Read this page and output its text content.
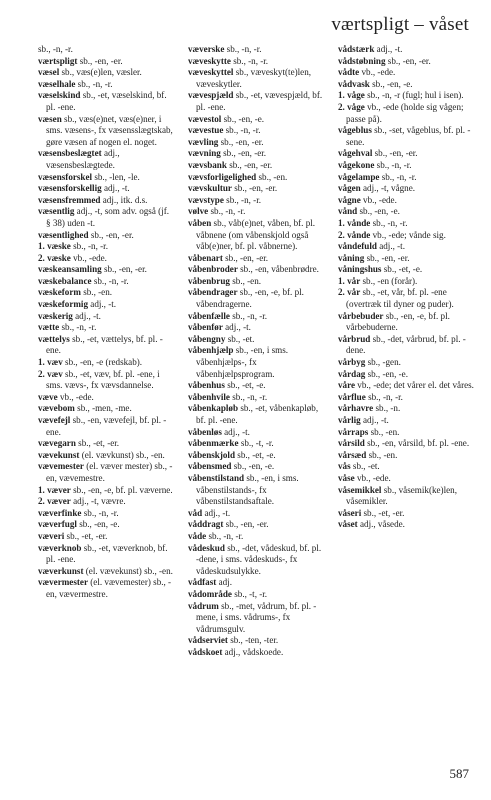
værtspligt – våset

sb., -n, -r.

værtspligt sb., -en, -er.

væsel sb., væs(e)len, væsler.

væselhale sb., -n, -r.

væselskind sb., -et, væselskind, bf. pl. -ene.

væsen sb., væs(e)net, væs(e)ner, i sms. væsens-, fx væsensslægtskab, gøre væsen af nogen el. noget.

væsensbeslægtet adj., væsensbeslægtede.

væsensforskel sb., -len, -le.

væsensforskellig adj., -t.

væsensfremmed adj., itk. d.s.

væsentlig adj., -t, som adv. også (jf. § 38) uden -t.

væsentlighed sb., -en, -er.

1. væske sb., -n, -r.

2. væske vb., -ede.

væskeansamling sb., -en, -er.

væskebalance sb., -n, -r.

væskeform sb., -en.

væskeformig adj., -t.

væskerig adj., -t.

vætte sb., -n, -r.

vættelys sb., -et, vættelys, bf. pl. -ene.

1. væv sb., -en, -e (redskab).

2. væv sb., -et, væv, bf. pl. -ene, i sms. vævs-, fx vævsdannelse.

væve vb., -ede.

vævebom sb., -men, -me.

vævefejl sb., -en, vævefejl, bf. pl. -ene.

vævegarn sb., -et, -er.

vævekunst (el. vævkunst) sb., -en.

vævemester (el. væver mester) sb., -en, vævemestre.

1. væver sb., -en, -e, bf. pl. væverne.

2. væver adj., -t, vævre.

væverfinke sb., -n, -r.

væverfugl sb., -en, -e.

væveri sb., -et, -er.

væverknob sb., -et, væverknob, bf. pl. -ene.

væverkunst (el. vævekunst) sb., -en.

vævermester (el. vævemester) sb., -en, vævermestre.

væverske sb., -n, -r.

væveskytte sb., -n, -r.

væveskyttel sb., væveskyt(te)len, væveskytler.

vævespjæld sb., -et, vævespjæld, bf. pl. -ene.

vævestol sb., -en, -e.

vævestue sb., -n, -r.

vævling sb., -en, -er.

vævning sb., -en, -er.

vævsbank sb., -en, -er.

vævsforligelighed sb., -en.

vævskultur sb., -en, -er.

vævstype sb., -n, -r.

vølve sb., -n, -r.

våben sb., våb(e)net, våben, bf. pl. våbnene (om våbenskjold også våb(e)ner, bf. pl. våbnerne).

våbenart sb., -en, -er.

våbenbroder sb., -en, våbenbrødre.

våbenbrug sb., -en.

våbendrager sb., -en, -e, bf. pl. våbendragerne.

våbenfælle sb., -n, -r.

våbenfør adj., -t.

våbengny sb., -et.

våbenhjælp sb., -en, i sms. våbenhjælps-, fx våbenhjælpsprogram.

våbenhus sb., -et, -e.

våbenhvile sb., -n, -r.

våbenkapløb sb., -et, våbenkapløb, bf. pl. -ene.

våbenløs adj., -t.

våbenmærke sb., -t, -r.

våbenskjold sb., -et, -e.

våbensmed sb., -en, -e.

våbenstilstand sb., -en, i sms. våbenstilstands-, fx våbenstilstandsaftale.

våd adj., -t.

våddragt sb., -en, -er.

våde sb., -n, -r.

vådeskud sb., -det, vådeskud, bf. pl. -dene, i sms. vådeskuds-, fx vådeskudsulykke.

vådfast adj.

vådområde sb., -t, -r.

vådrum sb., -met, vådrum, bf. pl. -mene, i sms. vådrums-, fx vådrumsgulv.

vådserviet sb., -ten, -ter.

vådskoet adj., vådskoede.

vådstærk adj., -t.

vådstøbning sb., -en, -er.

vådte vb., -ede.

vådvask sb., -en, -e.

1. våge sb., -n, -r (fugl; hul i isen).

2. våge vb., -ede (holde sig vågen; passe på).

vågeblus sb., -set, vågeblus, bf. pl. -sene.

vågehval sb., -en, -er.

vågekone sb., -n, -r.

vågelampe sb., -n, -r.

vågen adj., -t, vågne.

vågne vb., -ede.

vånd sb., -en, -e.

1. vånde sb., -n, -r.

2. vånde vb., -ede; vånde sig.

våndefuld adj., -t.

våning sb., -en, -er.

våningshus sb., -et, -e.

1. vår sb., -en (forår).

2. vår sb., -et, vår, bf. pl. -ene (overtræk til dyner og puder).

vårbebuder sb., -en, -e, bf. pl. vårbebuderne.

vårbrud sb., -det, vårbrud, bf. pl. -dene.

vårbyg sb., -gen.

vårdag sb., -en, -e.

våre vb., -ede; det vårer el. det våres.

vårflue sb., -n, -r.

vårhavre sb., -n.

vårlig adj., -t.

vårraps sb., -en.

vårsild sb., -en, vårsild, bf. pl. -ene.

vårsæd sb., -en.

vås sb., -et.

våse vb., -ede.

våsemikkel sb., våsemik(ke)len, våsemikler.

våseri sb., -et, -er.

våset adj., våsede.

587
